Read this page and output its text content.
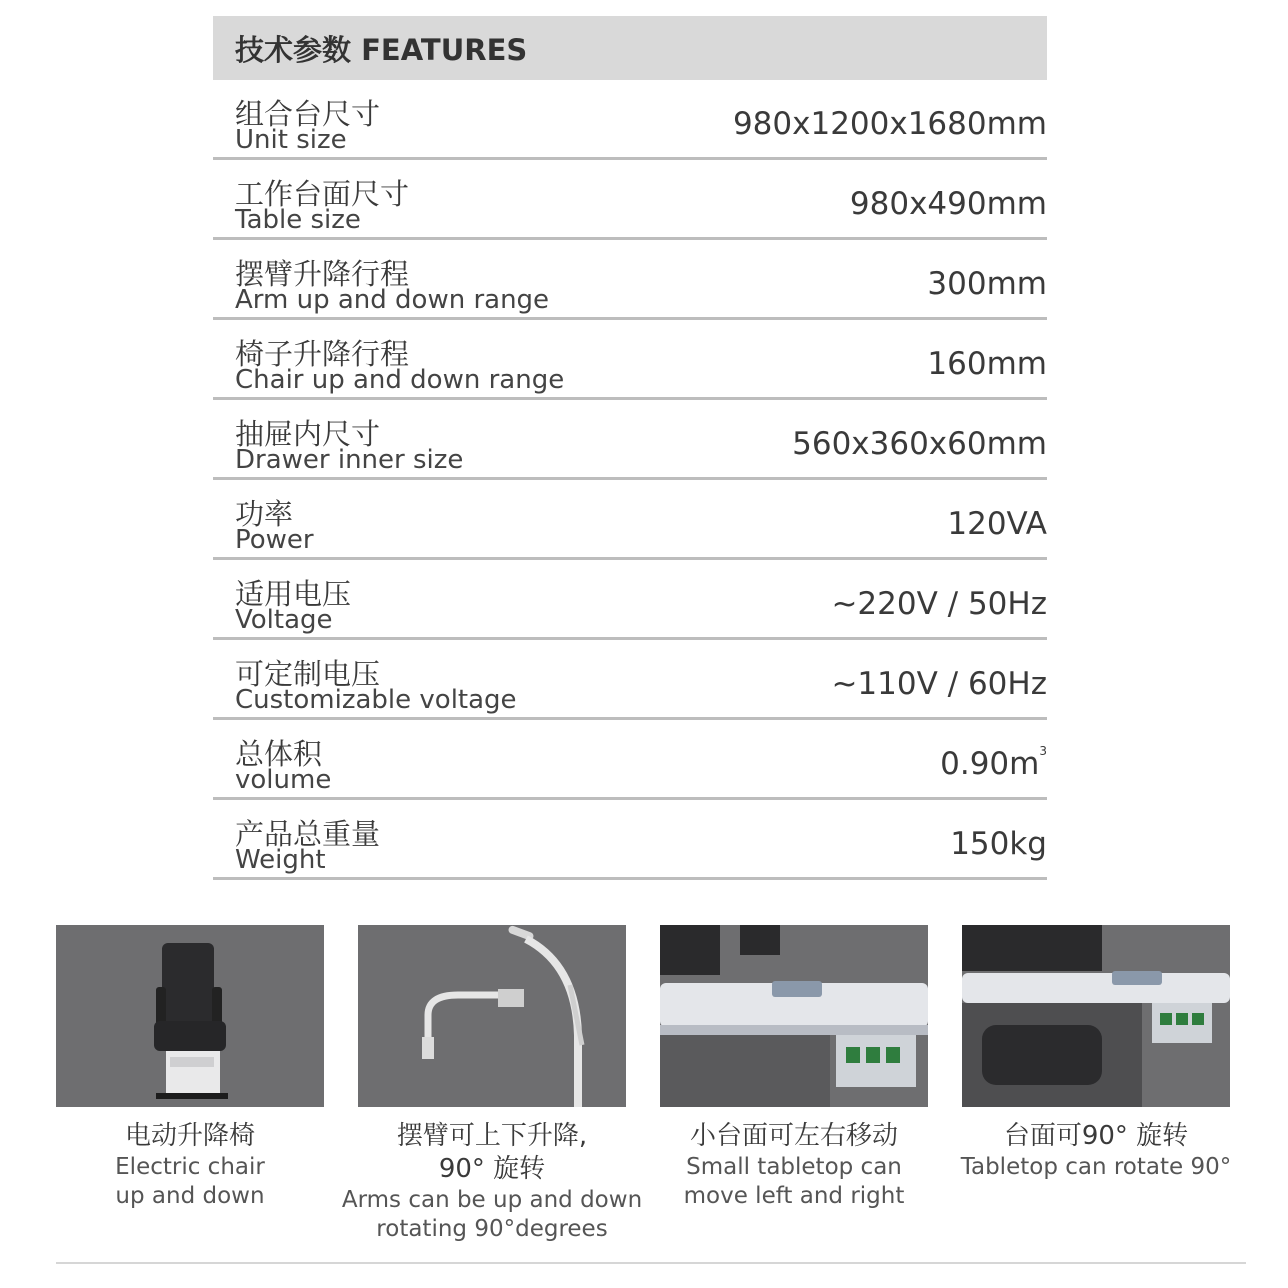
技术参数 FEATURES
组合台尺寸
Unit size	980x1200x1680mm
工作台面尺寸
Table size	980x490mm
摆臂升降行程
Arm up and down range	300mm
椅子升降行程
Chair up and down range	160mm
抽屉内尺寸
Drawer inner size	560x360x60mm
功率
Power	120VA
适用电压
Voltage	~220V / 50Hz
可定制电压
Customizable voltage	~110V / 60Hz
总体积
volume	$0.90m^3$
产品总重量
Weight	150kg
电动升降椅
Electric chair
up and down
摆臂可上下升降,
90° 旋转
Arms can be up and down
rotating 90°degrees
小台面可左右移动
Small tabletop can
move left and right
台面可90° 旋转
Tabletop can rotate 90°
